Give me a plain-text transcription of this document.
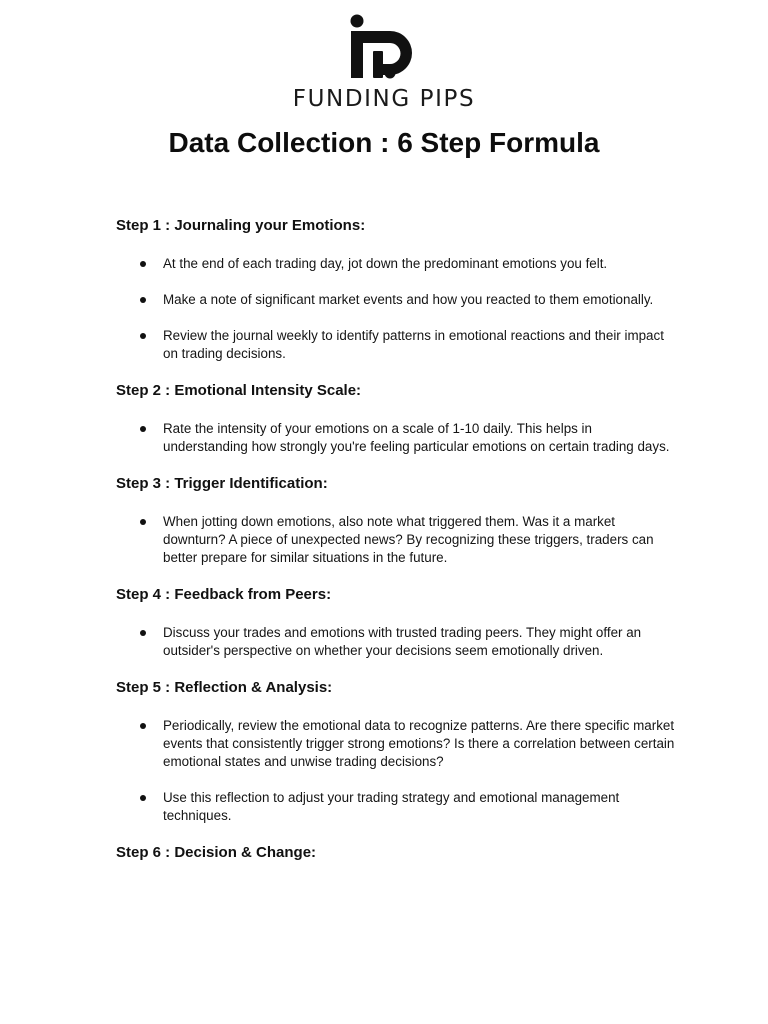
FUNDING PIPS
Data Collection : 6 Step Formula
Step 1 : Journaling your Emotions:
At the end of each trading day, jot down the predominant emotions you felt.
Make a note of significant market events and how you reacted to them emotionally.
Review the journal weekly to identify patterns in emotional reactions and their impact on trading decisions.
Step 2 : Emotional Intensity Scale:
Rate the intensity of your emotions on a scale of 1-10 daily. This helps in understanding how strongly you're feeling particular emotions on certain trading days.
Step 3 : Trigger Identification:
When jotting down emotions, also note what triggered them. Was it a market downturn? A piece of unexpected news? By recognizing these triggers, traders can better prepare for similar situations in the future.
Step 4 : Feedback from Peers:
Discuss your trades and emotions with trusted trading peers. They might offer an outsider's perspective on whether your decisions seem emotionally driven.
Step 5 : Reflection & Analysis:
Periodically, review the emotional data to recognize patterns. Are there specific market events that consistently trigger strong emotions? Is there a correlation between certain emotional states and unwise trading decisions?
Use this reflection to adjust your trading strategy and emotional management techniques.
Step 6 : Decision & Change:
